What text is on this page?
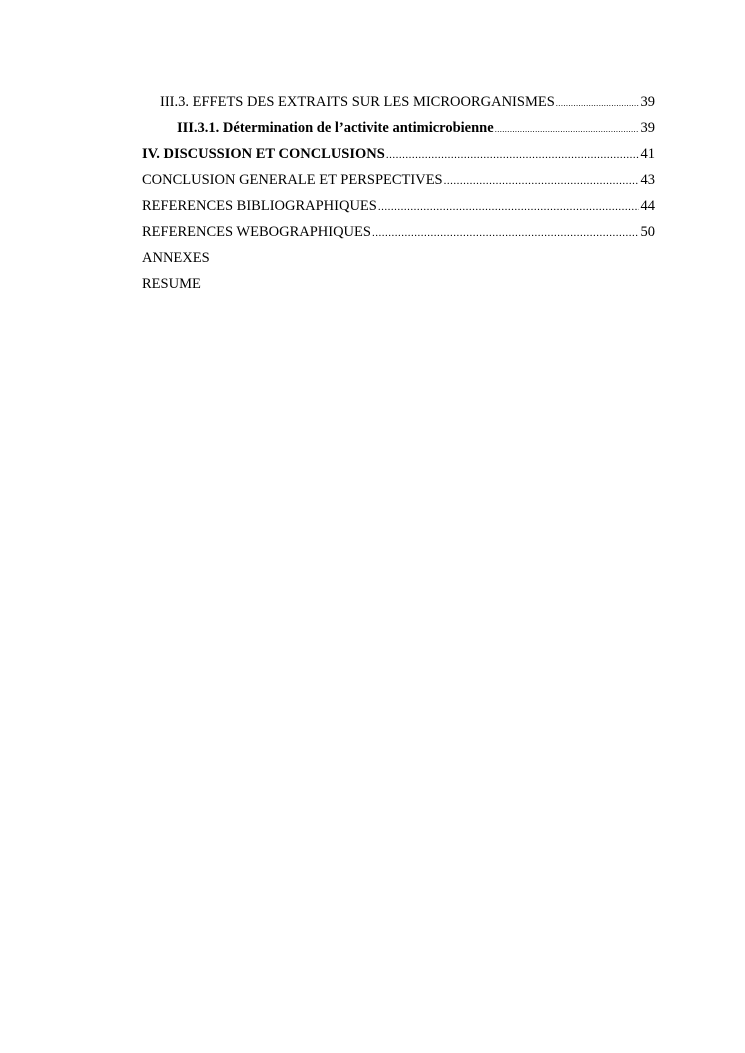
III.3. EFFETS DES EXTRAITS SUR LES MICROORGANISMES .....	39
III.3.1. Détermination de l’activite antimicrobienne .....	39
IV. DISCUSSION ET CONCLUSIONS .....	41
CONCLUSION GENERALE ET PERSPECTIVES .....	43
REFERENCES BIBLIOGRAPHIQUES .....	44
REFERENCES WEBOGRAPHIQUES .....	50
ANNEXES
RESUME
